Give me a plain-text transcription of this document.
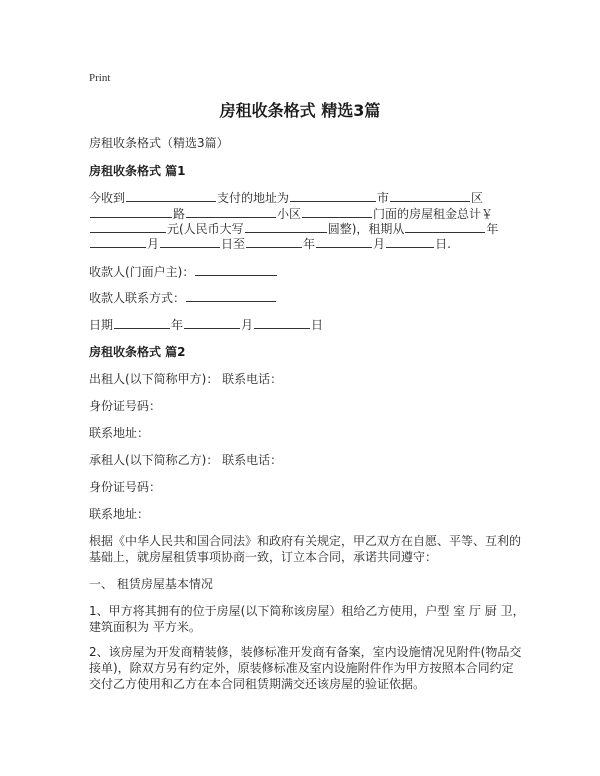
Print
房租收条格式 精选3篇
房租收条格式（精选3篇）
房租收条格式 篇1
今收到	支付的地址为	市	区
路	小区	门面的房屋租金总计￥
元(人民币大写	圆整)，租期从	年
月	日至	年	月	日.
收款人(门面户主)：
收款人联系方式：
日期	年	月	日
房租收条格式 篇2
出租人(以下简称甲方)： 联系电话：
身份证号码：
联系地址：
承租人(以下简称乙方)： 联系电话：
身份证号码：
联系地址：
根据《中华人民共和国合同法》和政府有关规定，甲乙双方在自愿、平等、互利的
基础上，就房屋租赁事项协商一致，订立本合同，承诺共同遵守：
一、 租赁房屋基本情况
1、甲方将其拥有的位于房屋(以下简称该房屋）租给乙方使用，户型 室 厅 厨 卫，
建筑面积为 平方米。
2、该房屋为开发商精装修，装修标准开发商有备案，室内设施情况见附件(物品交
接单)，除双方另有约定外，原装修标准及室内设施附件作为甲方按照本合同约定
交付乙方使用和乙方在本合同租赁期满交还该房屋的验证依据。
